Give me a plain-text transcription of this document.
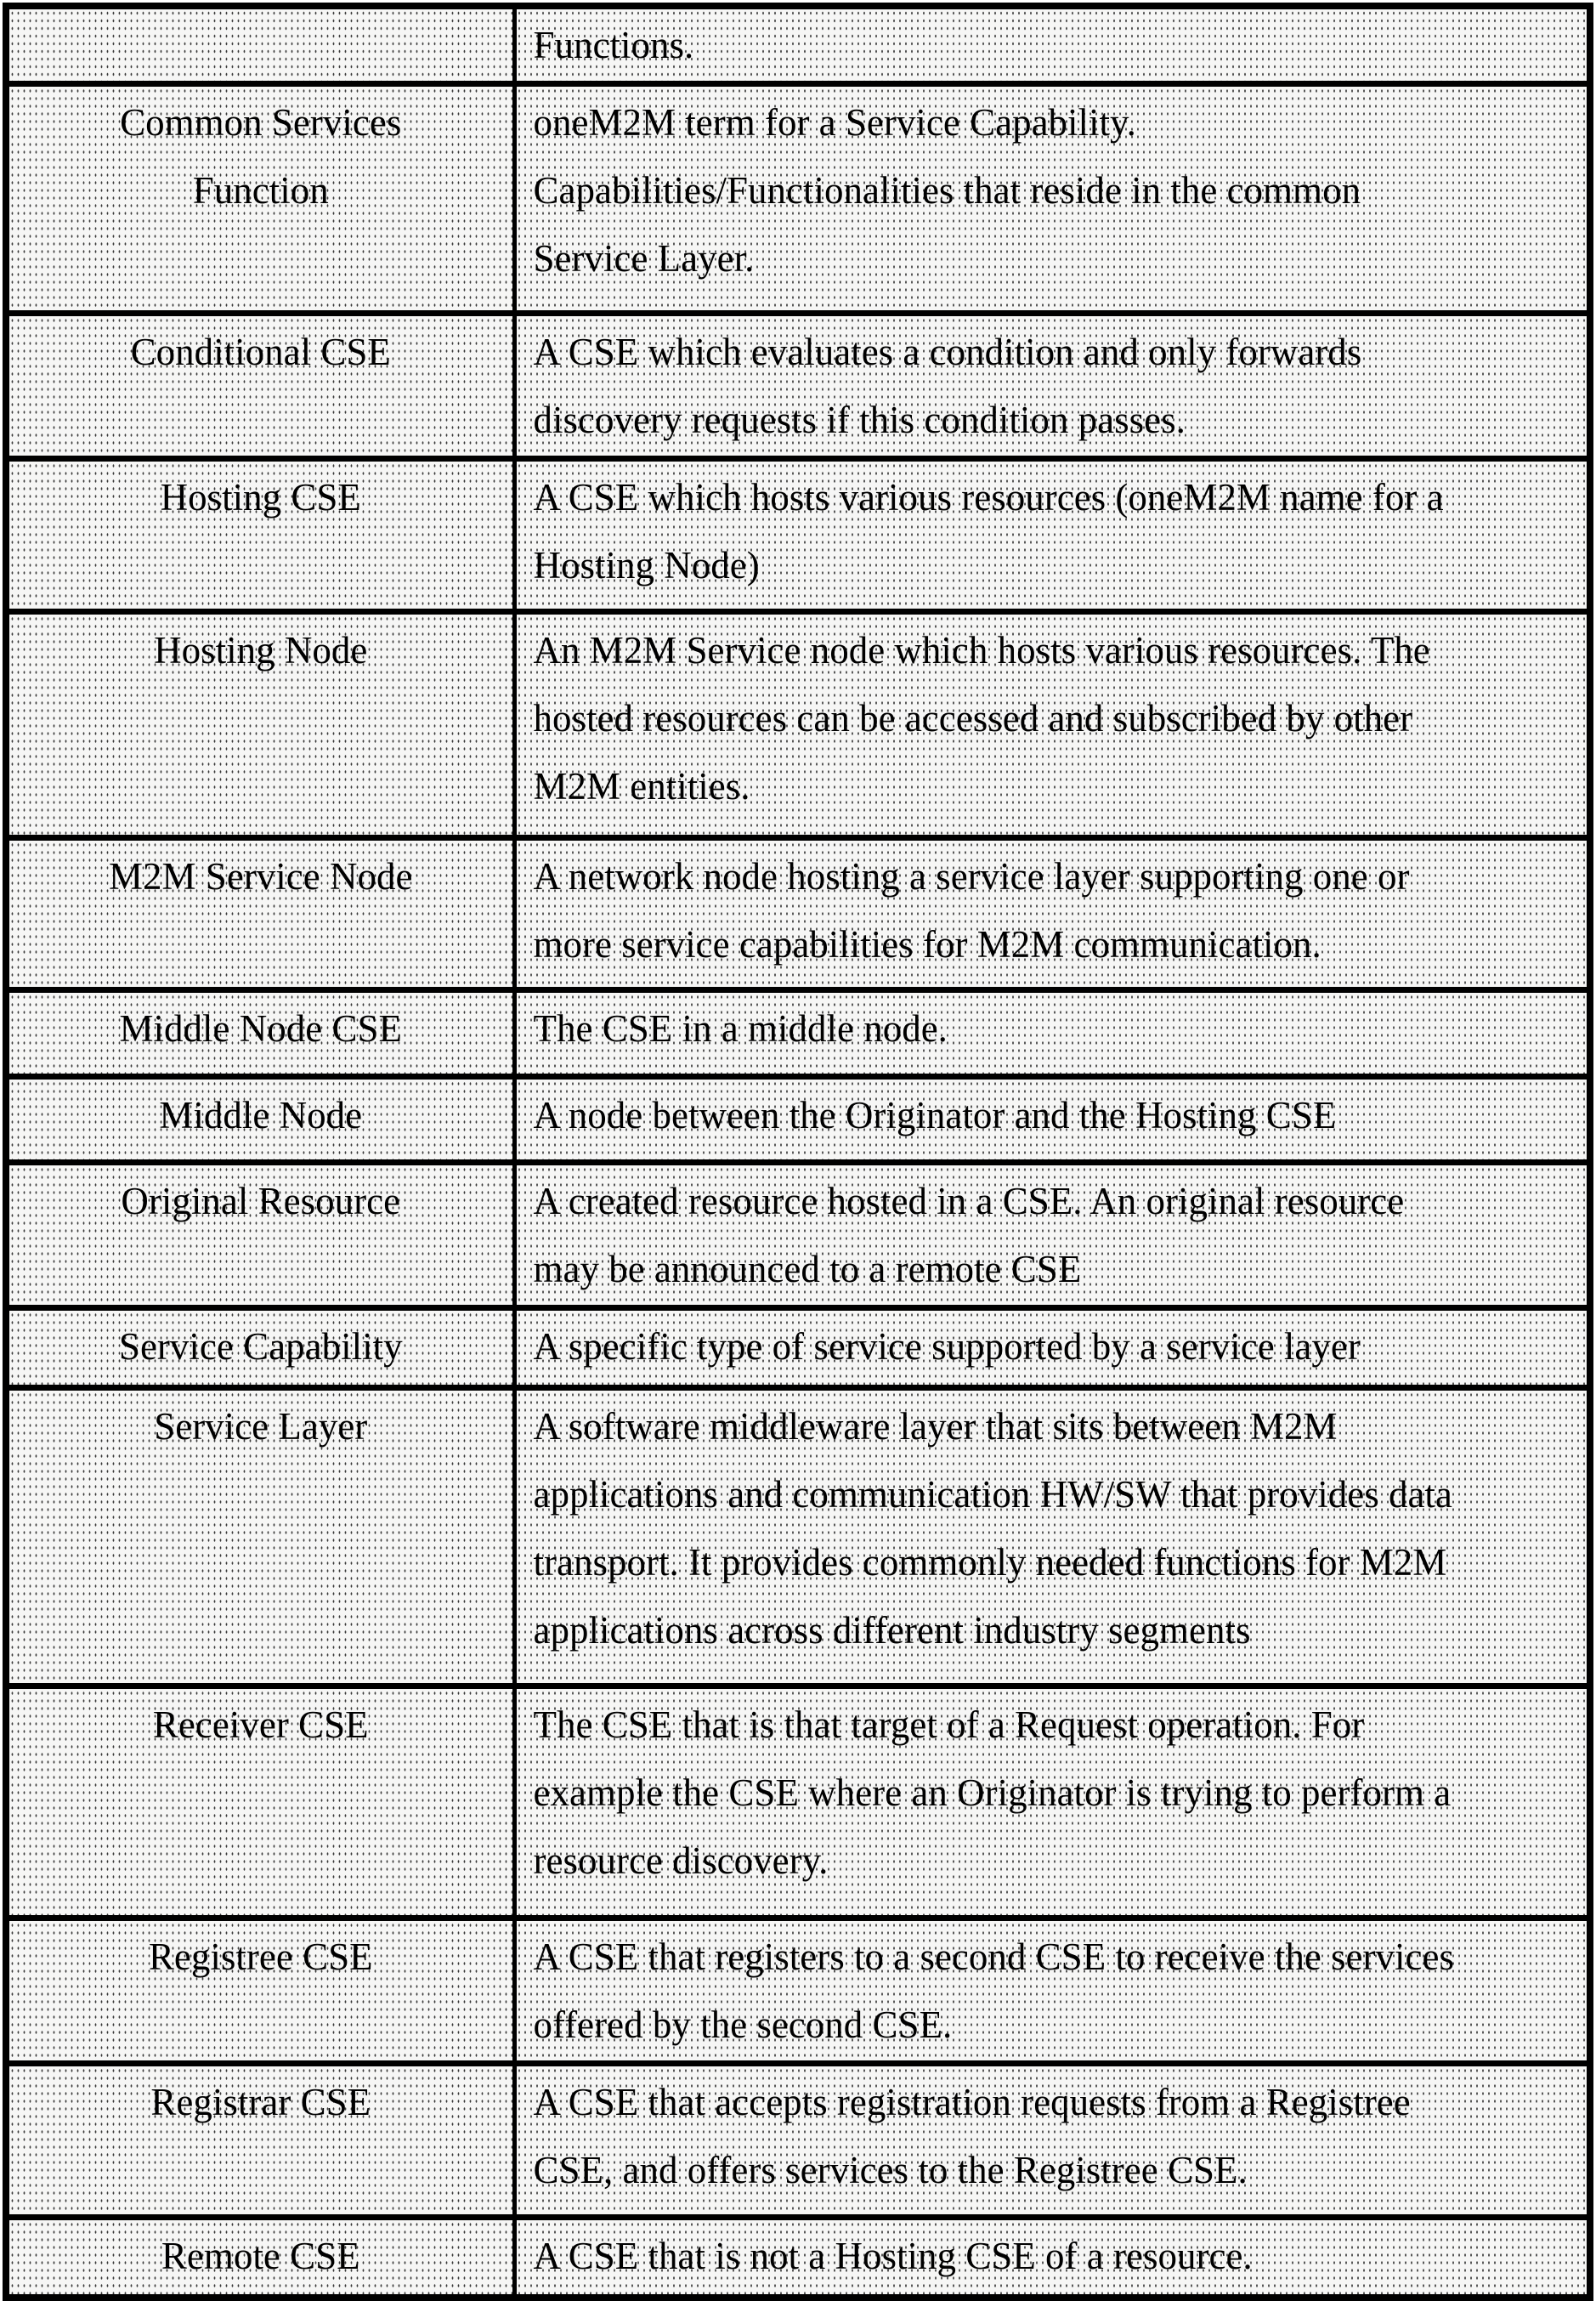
	Functions.
Common Services
Function	oneM2M term for a Service Capability.
Capabilities/Functionalities that reside in the common
Service Layer.
Conditional CSE	A CSE which evaluates a condition and only forwards
discovery requests if this condition passes.
Hosting CSE	A CSE which hosts various resources (oneM2M name for a
Hosting Node)
Hosting Node	An M2M Service node which hosts various resources. The
hosted resources can be accessed and subscribed by other
M2M entities.
M2M Service Node	A network node hosting a service layer supporting one or
more service capabilities for M2M communication.
Middle Node CSE	The CSE in a middle node.
Middle Node	A node between the Originator and the Hosting CSE
Original Resource	A created resource hosted in a CSE. An original resource
may be announced to a remote CSE
Service Capability	A specific type of service supported by a service layer
Service Layer	A software middleware layer that sits between M2M
applications and communication HW/SW that provides data
transport. It provides commonly needed functions for M2M
applications across different industry segments
Receiver CSE	The CSE that is that target of a Request operation. For
example the CSE where an Originator is trying to perform a
resource discovery.
Registree CSE	A CSE that registers to a second CSE to receive the services
offered by the second CSE.
Registrar CSE	A CSE that accepts registration requests from a Registree
CSE, and offers services to the Registree CSE.
Remote CSE	A CSE that is not a Hosting CSE of a resource.
